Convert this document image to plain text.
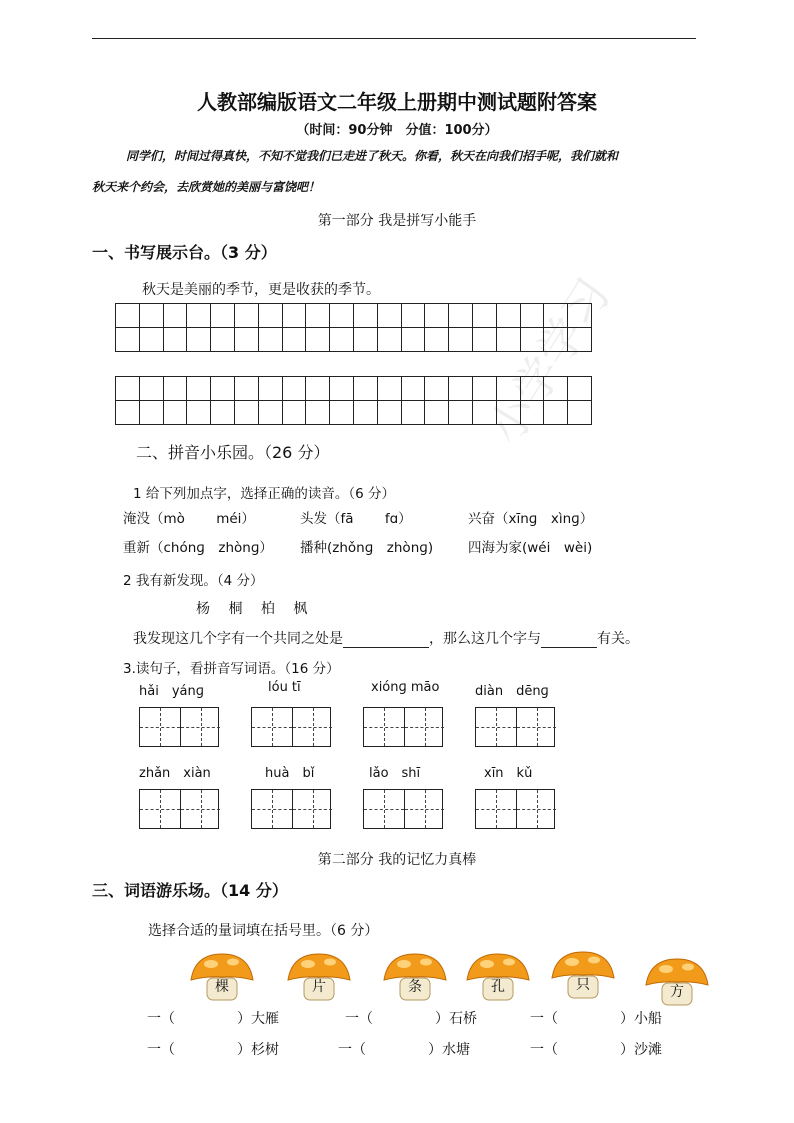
小学学习
人教部编版语文二年级上册期中测试题附答案
（时间：90分钟　分值：100分）
同学们，时间过得真快，不知不觉我们已走进了秋天。你看，秋天在向我们招手呢，我们就和
秋天来个约会，去欣赏她的美丽与富饶吧！
第一部分 我是拼写小能手
一、书写展示台。（3 分）
秋天是美丽的季节，更是收获的季节。

二、拼音小乐园。（26 分）
1 给下列加点字，选择正确的读音。（6 分）
淹没（mò　　 méi）	头发（fā　　 fɑ）	兴奋（xīnɡ　xìnɡ）
重新（chónɡ　zhònɡ） 播种(zhǒnɡ　zhònɡ)	四海为家(wéi　wèi)
2 我有新发现。（4 分）
杨　 桐　 柏　 枫
我发现这几个字有一个共同之处是	，那么这几个字与	有关。
3.读句子，看拼音写词语。（16 分）
hǎi　yánɡ	lóu tī	xiónɡ māo	diàn　dēnɡ
zhǎn　xiàn	huà　bǐ	lǎo　shī	xīn　kǔ
第二部分 我的记忆力真棒
三、词语游乐场。（14 分）
选择合适的量词填在括号里。（6 分）
棵	片	条	孔	只	方
一（	）大雁	一（	）石桥	一（	）小船
一（	）杉树	一（	）水塘	一（	）沙滩
